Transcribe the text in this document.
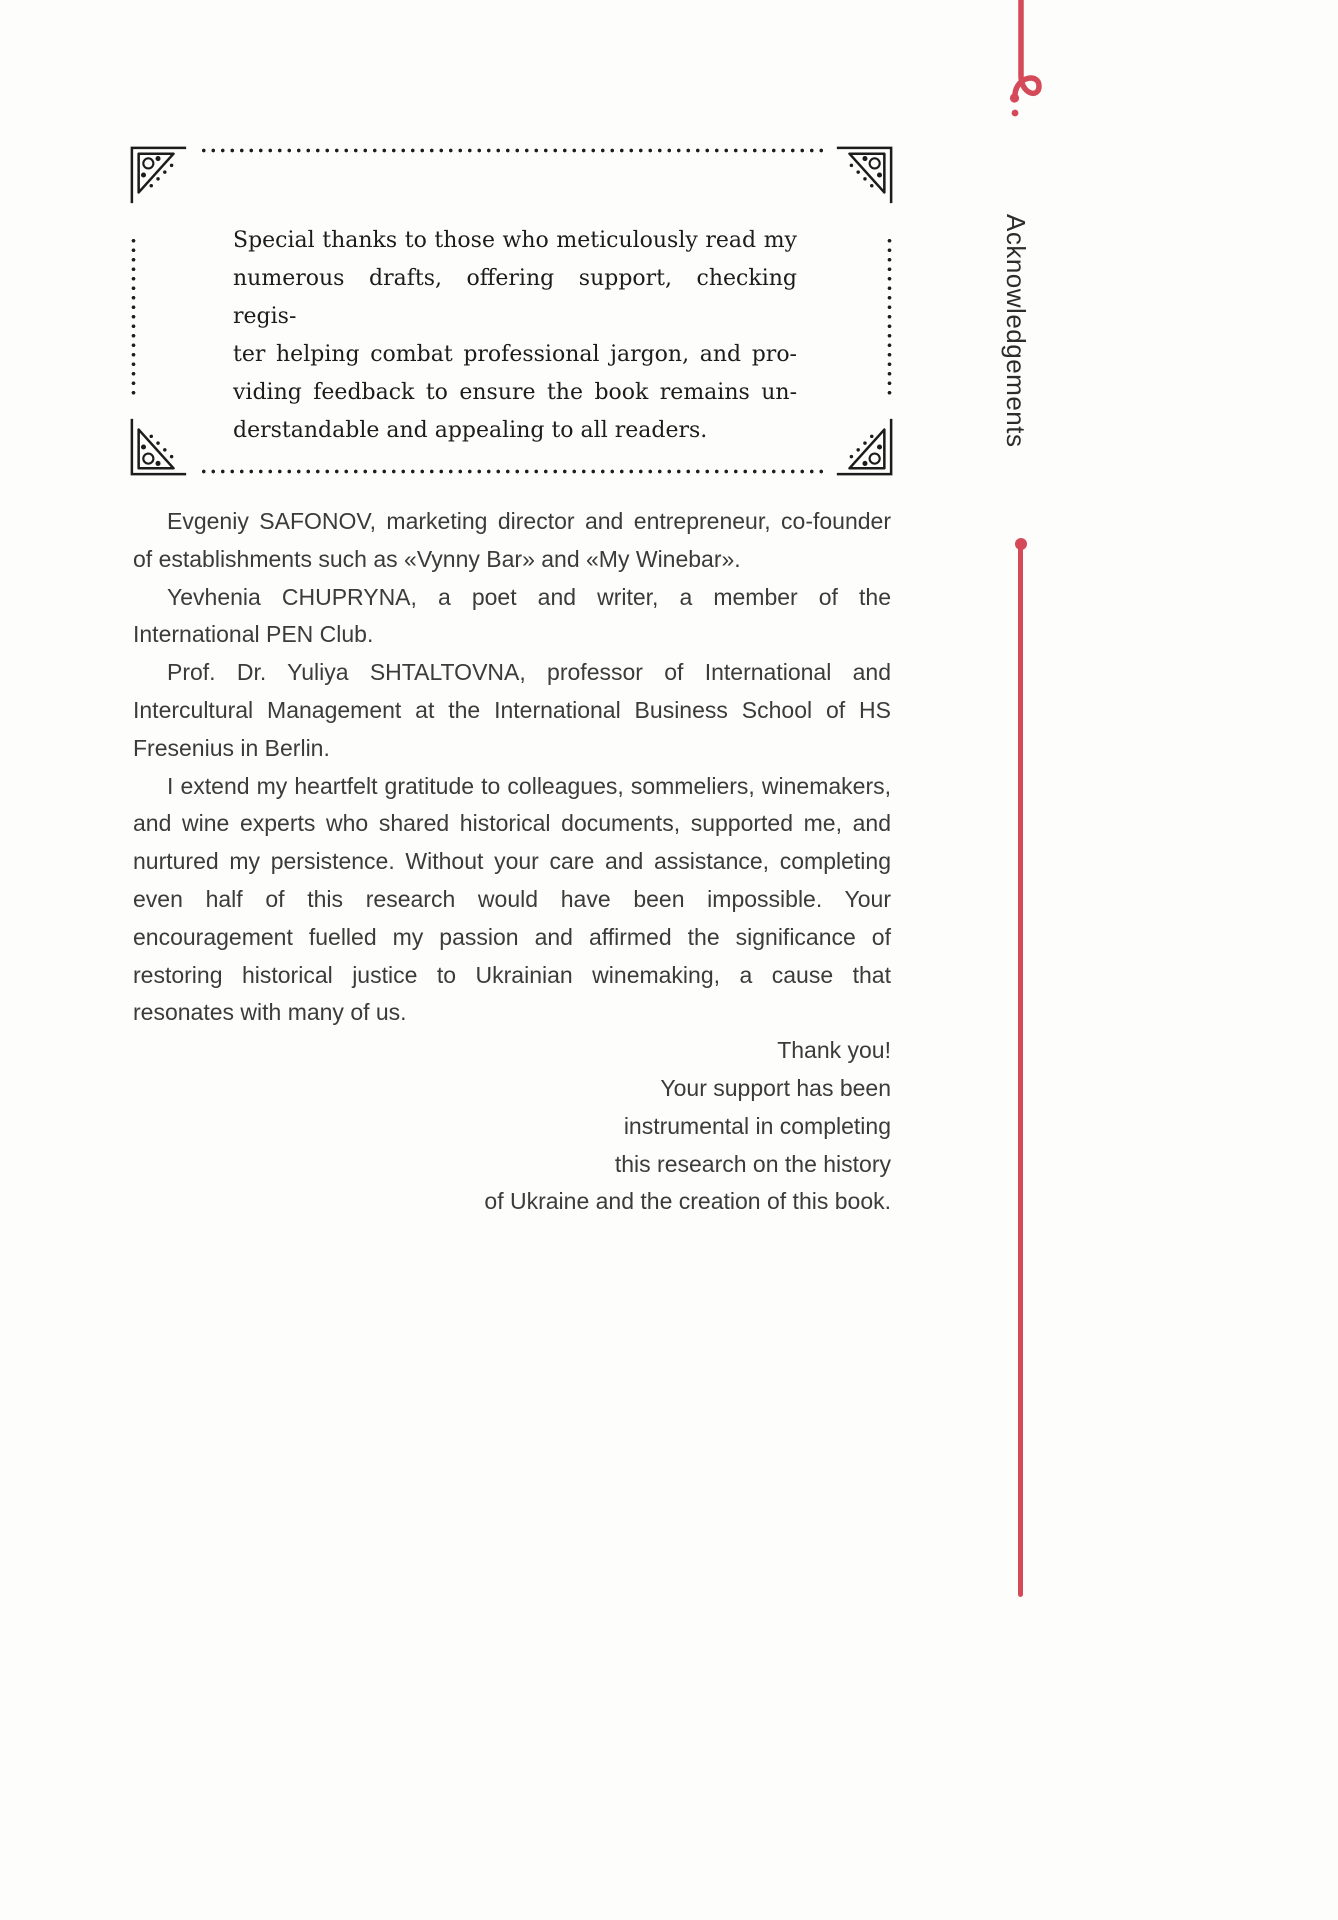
Special thanks to those who meticulously read my
numerous drafts, offering support, checking regis-
ter helping combat professional jargon, and pro-
viding feedback to ensure the book remains un-
derstandable and appealing to all readers.	Acknowledgements

Evgeniy SAFONOV, marketing director and entrepreneur, co-founder of establishments such as «Vynny Bar» and «My Winebar».

Yevhenia CHUPRYNA, a poet and writer, a member of the International PEN Club.

Prof. Dr. Yuliya SHTALTOVNA, professor of International and Intercultural Management at the International Business School of HS Fresenius in Berlin.

I extend my heartfelt gratitude to colleagues, sommeliers, winemakers, and wine experts who shared historical documents, supported me, and nurtured my persistence. Without your care and assistance, completing even half of this research would have been impossible. Your encouragement fuelled my passion and affirmed the significance of restoring historical justice to Ukrainian winemaking, a cause that resonates with many of us.

Thank you!
Your support has been
instrumental in completing
this research on the history
of Ukraine and the creation of this book.
